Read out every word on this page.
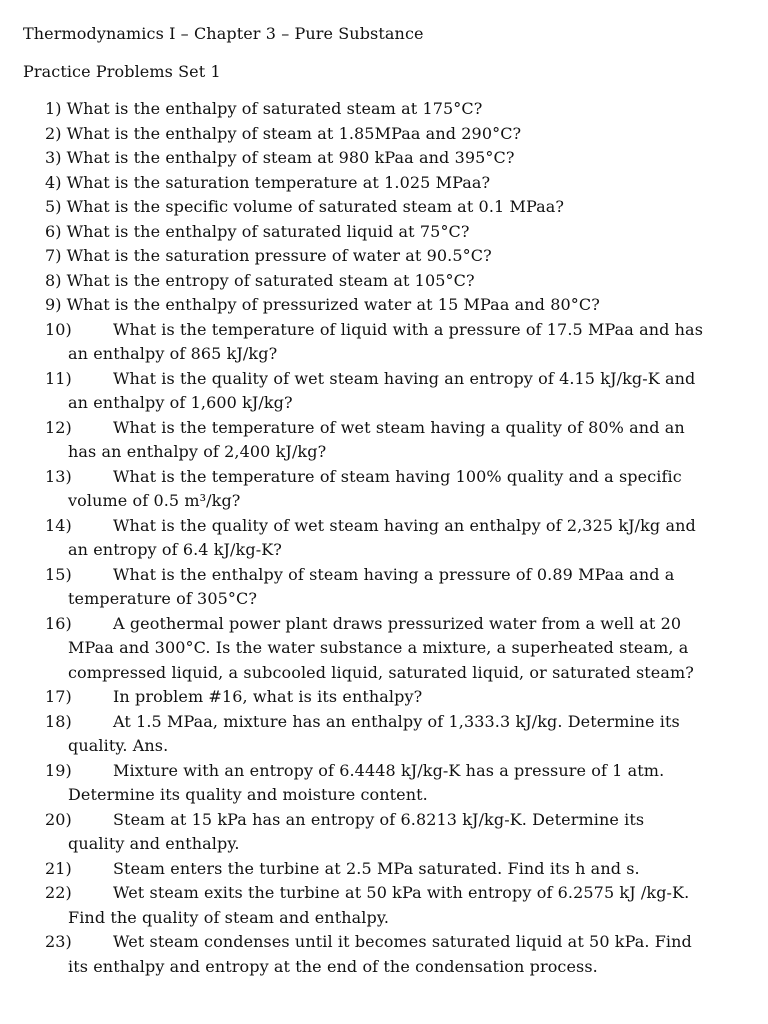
Thermodynamics I – Chapter 3 – Pure Substance
Practice Problems Set 1
1) What is the enthalpy of saturated steam at 175°C?
2) What is the enthalpy of steam at 1.85MPaa and 290°C?
3) What is the enthalpy of steam at 980 kPaa and 395°C?
4) What is the saturation temperature at 1.025 MPaa?
5) What is the specific volume of saturated steam at 0.1 MPaa?
6) What is the enthalpy of saturated liquid at 75°C?
7) What is the saturation pressure of water at 90.5°C?
8) What is the entropy of saturated steam at 105°C?
9) What is the enthalpy of pressurized water at 15 MPaa and 80°C?
10)	What is the temperature of liquid with a pressure of 17.5 MPaa and has
an enthalpy of 865 kJ/kg?
11)	What is the quality of wet steam having an entropy of 4.15 kJ/kg-K and
an enthalpy of 1,600 kJ/kg?
12)	What is the temperature of wet steam having a quality of 80% and an
has an enthalpy of 2,400 kJ/kg?
13)	What is the temperature of steam having 100% quality and a specific
volume of 0.5 m³/kg?
14)	What is the quality of wet steam having an enthalpy of 2,325 kJ/kg and
an entropy of 6.4 kJ/kg-K?
15)	What is the enthalpy of steam having a pressure of 0.89 MPaa and a
temperature of 305°C?
16)	A geothermal power plant draws pressurized water from a well at 20
MPaa and 300°C. Is the water substance a mixture, a superheated steam, a
compressed liquid, a subcooled liquid, saturated liquid, or saturated steam?
17)	In problem #16, what is its enthalpy?
18)	At 1.5 MPaa, mixture has an enthalpy of 1,333.3 kJ/kg. Determine its
quality. Ans.
19)	Mixture with an entropy of 6.4448 kJ/kg-K has a pressure of 1 atm.
Determine its quality and moisture content.
20)	Steam at 15 kPa has an entropy of 6.8213 kJ/kg-K. Determine its
quality and enthalpy.
21)	Steam enters the turbine at 2.5 MPa saturated. Find its h and s.
22)	Wet steam exits the turbine at 50 kPa with entropy of 6.2575 kJ /kg-K.
Find the quality of steam and enthalpy.
23)	Wet steam condenses until it becomes saturated liquid at 50 kPa. Find
its enthalpy and entropy at the end of the condensation process.
